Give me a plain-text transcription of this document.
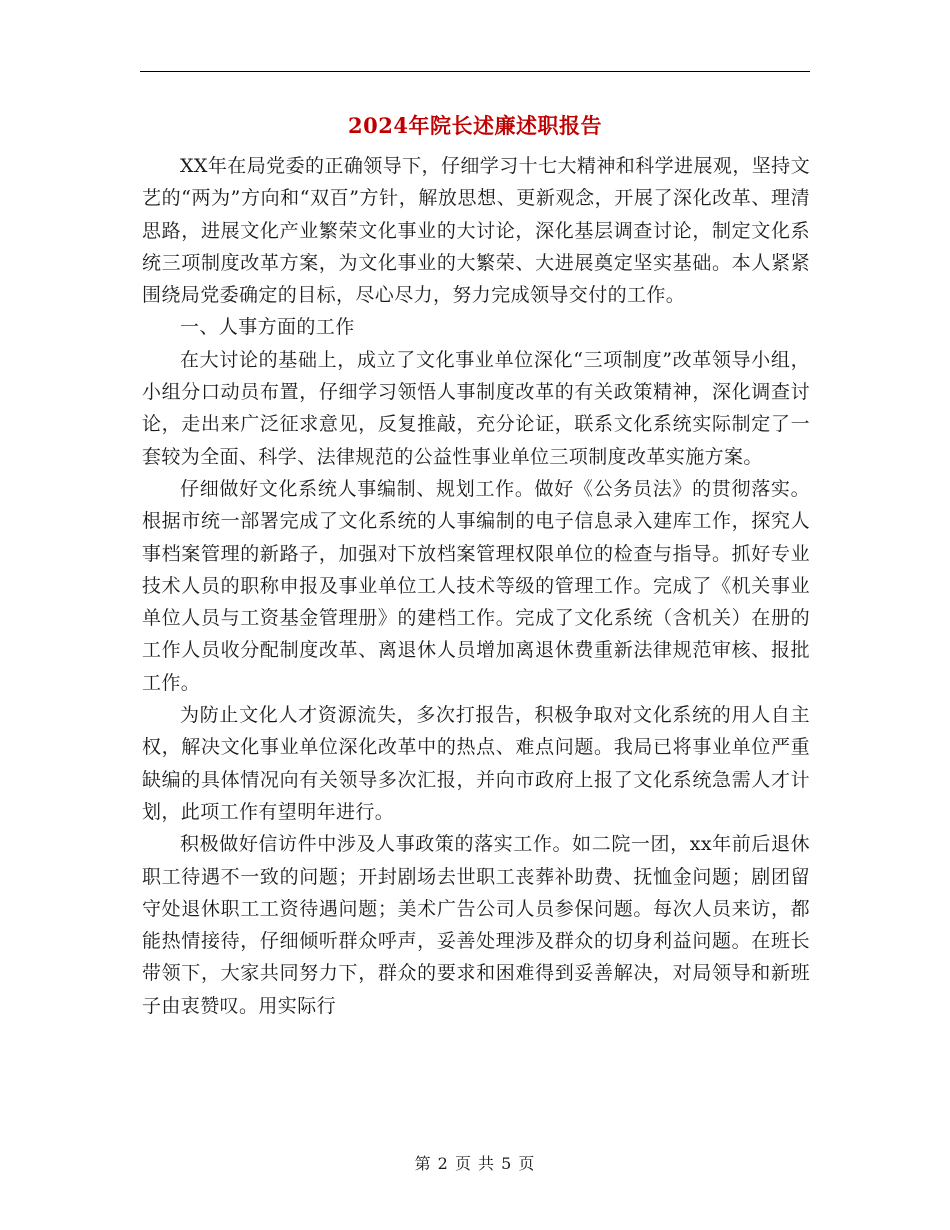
2024年院长述廉述职报告

XX年在局党委的正确领导下，仔细学习十七大精神和科学进展观，坚持文艺的“两为”方向和“双百”方针，解放思想、更新观念，开展了深化改革、理清思路，进展文化产业繁荣文化事业的大讨论，深化基层调查讨论，制定文化系统三项制度改革方案，为文化事业的大繁荣、大进展奠定坚实基础。本人紧紧围绕局党委确定的目标，尽心尽力，努力完成领导交付的工作。

一、人事方面的工作

在大讨论的基础上，成立了文化事业单位深化“三项制度”改革领导小组，小组分口动员布置，仔细学习领悟人事制度改革的有关政策精神，深化调查讨论，走出来广泛征求意见，反复推敲，充分论证，联系文化系统实际制定了一套较为全面、科学、法律规范的公益性事业单位三项制度改革实施方案。

仔细做好文化系统人事编制、规划工作。做好《公务员法》的贯彻落实。根据市统一部署完成了文化系统的人事编制的电子信息录入建库工作，探究人事档案管理的新路子，加强对下放档案管理权限单位的检查与指导。抓好专业技术人员的职称申报及事业单位工人技术等级的管理工作。完成了《机关事业单位人员与工资基金管理册》的建档工作。完成了文化系统（含机关）在册的工作人员收分配制度改革、离退休人员增加离退休费重新法律规范审核、报批工作。

为防止文化人才资源流失，多次打报告，积极争取对文化系统的用人自主权，解决文化事业单位深化改革中的热点、难点问题。我局已将事业单位严重缺编的具体情况向有关领导多次汇报，并向市政府上报了文化系统急需人才计划，此项工作有望明年进行。

积极做好信访件中涉及人事政策的落实工作。如二院一团，xx年前后退休职工待遇不一致的问题；开封剧场去世职工丧葬补助费、抚恤金问题；剧团留守处退休职工工资待遇问题；美术广告公司人员参保问题。每次人员来访，都能热情接待，仔细倾听群众呼声，妥善处理涉及群众的切身利益问题。在班长带领下，大家共同努力下，群众的要求和困难得到妥善解决，对局领导和新班子由衷赞叹。用实际行

第 2 页 共 5 页
